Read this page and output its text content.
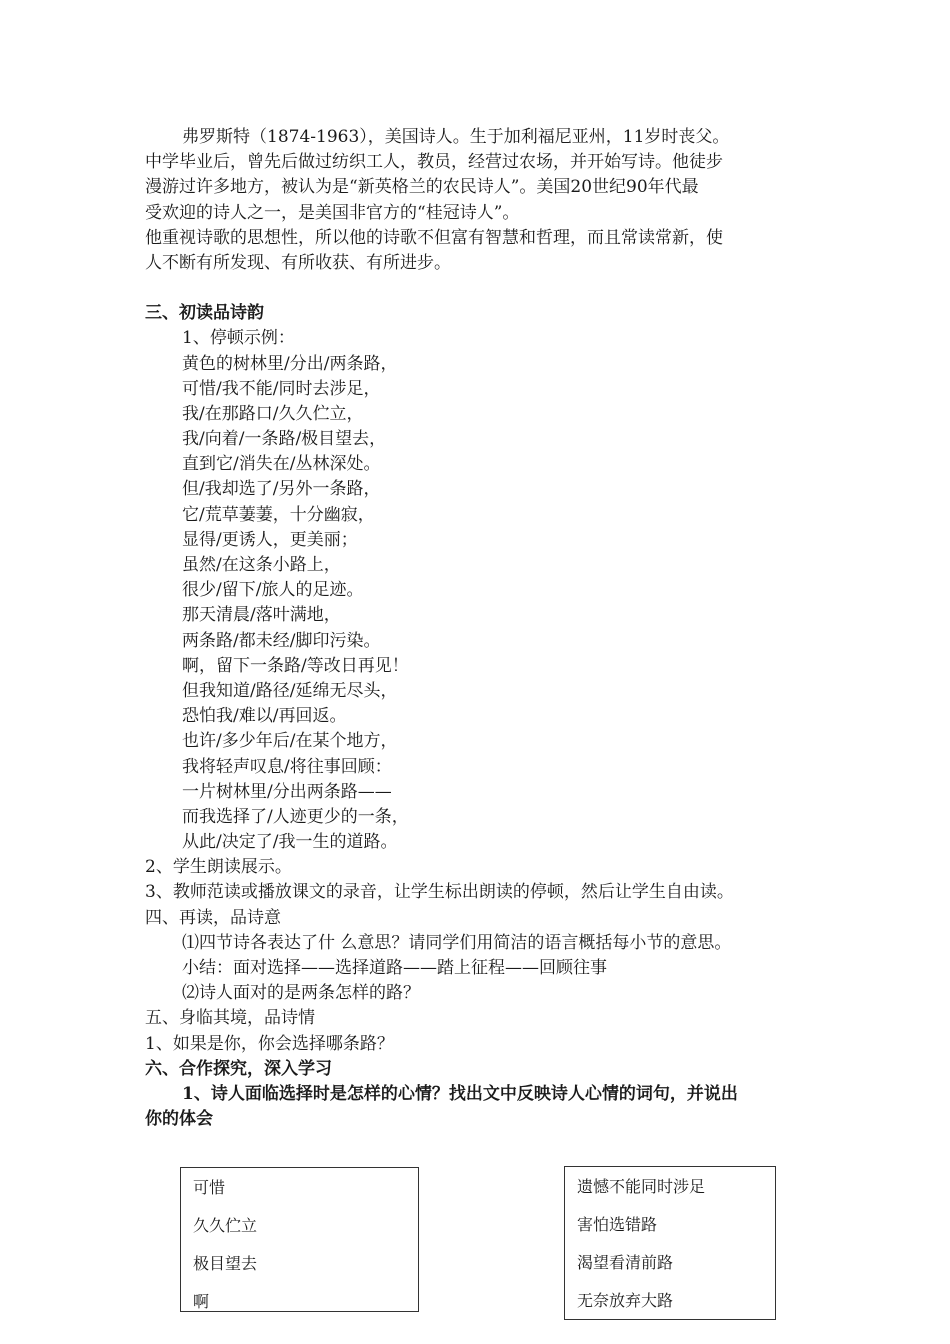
弗罗斯特（1874-1963），美国诗人。生于加利福尼亚州，11岁时丧父。
中学毕业后，曾先后做过纺织工人，教员，经营过农场，并开始写诗。他徒步
漫游过许多地方，被认为是“新英格兰的农民诗人”。美国20世纪90年代最
受欢迎的诗人之一，是美国非官方的“桂冠诗人”。
他重视诗歌的思想性，所以他的诗歌不但富有智慧和哲理，而且常读常新，使
人不断有所发现、有所收获、有所进步。
三、初读品诗韵
1、停顿示例：
黄色的树林里/分出/两条路，
可惜/我不能/同时去涉足，
我/在那路口/久久伫立，
我/向着/一条路/极目望去，
直到它/消失在/丛林深处。
但/我却选了/另外一条路，
它/荒草萋萋，十分幽寂，
显得/更诱人，更美丽；
虽然/在这条小路上，
很少/留下/旅人的足迹。
那天清晨/落叶满地，
两条路/都未经/脚印污染。
啊，留下一条路/等改日再见！
但我知道/路径/延绵无尽头，
恐怕我/难以/再回返。
也许/多少年后/在某个地方，
我将轻声叹息/将往事回顾：
一片树林里/分出两条路——
而我选择了/人迹更少的一条，
从此/决定了/我一生的道路。
2、学生朗读展示。
3、教师范读或播放课文的录音，让学生标出朗读的停顿，然后让学生自由读。
四、再读，品诗意
⑴四节诗各表达了什 么意思？请同学们用简洁的语言概括每小节的意思。
小结：面对选择——选择道路——踏上征程——回顾往事
⑵诗人面对的是两条怎样的路？
五、身临其境，品诗情
1、如果是你，你会选择哪条路？
六、合作探究，深入学习
1、诗人面临选择时是怎样的心情？找出文中反映诗人心情的词句，并说出
你的体会
可惜
久久伫立
极目望去
啊
遗憾不能同时涉足
害怕选错路
渴望看清前路
无奈放弃大路
